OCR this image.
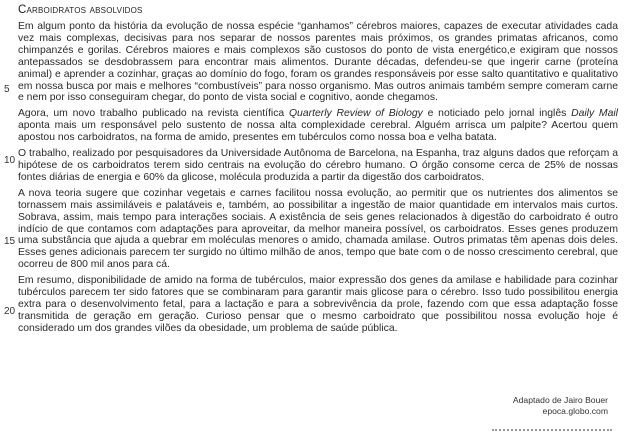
Carboidratos absolvidos
5
10
15
20

Em algum ponto da história da evolução de nossa espécie “ganhamos” cérebros maiores, capazes de executar atividades cada vez mais complexas, decisivas para nos separar de nossos parentes mais próximos, os grandes primatas africanos, como chimpanzés e gorilas. Cérebros maiores e mais complexos são custosos do ponto de vista energético,e exigiram que nossos antepassados se desdobrassem para encontrar mais alimentos. Durante décadas, defendeu-se que ingerir carne (proteína animal) e aprender a cozinhar, graças ao domínio do fogo, foram os grandes responsáveis por esse salto quantitativo e qualitativo em nossa busca por mais e melhores “combustíveis” para nosso organismo. Mas outros animais também sempre comeram carne e nem por isso conseguiram chegar, do ponto de vista social e cognitivo, aonde chegamos.

Agora, um novo trabalho publicado na revista científica Quarterly Review of Biology e noticiado pelo jornal inglês Daily Mail aponta mais um responsável pelo sustento de nossa alta complexidade cerebral. Alguém arrisca um palpite? Acertou quem apostou nos carboidratos, na forma de amido, presentes em tubérculos como nossa boa e velha batata.

O trabalho, realizado por pesquisadores da Universidade Autônoma de Barcelona, na Espanha, traz alguns dados que reforçam a hipótese de os carboidratos terem sido centrais na evolução do cérebro humano. O órgão consome cerca de 25% de nossas fontes diárias de energia e 60% da glicose, molécula produzida a partir da digestão dos carboidratos.

A nova teoria sugere que cozinhar vegetais e carnes facilitou nossa evolução, ao permitir que os nutrientes dos alimentos se tornassem mais assimiláveis e palatáveis e, também, ao possibilitar a ingestão de maior quantidade em intervalos mais curtos. Sobrava, assim, mais tempo para interações sociais. A existência de seis genes relacionados à digestão do carboidrato é outro indício de que contamos com adaptações para aproveitar, da melhor maneira possível, os carboidratos. Esses genes produzem uma substância que ajuda a quebrar em moléculas menores o amido, chamada amilase. Outros primatas têm apenas dois deles. Esses genes adicionais parecem ter surgido no último milhão de anos, tempo que bate com o de nosso crescimento cerebral, que ocorreu de 800 mil anos para cá.

Em resumo, disponibilidade de amido na forma de tubérculos, maior expressão dos genes da amilase e habilidade para cozinhar tubérculos parecem ter sido fatores que se combinaram para garantir mais glicose para o cérebro. Isso tudo possibilitou energia extra para o desenvolvimento fetal, para a lactação e para a sobrevivência da prole, fazendo com que essa adaptação fosse transmitida de geração em geração. Curioso pensar que o mesmo carboidrato que possibilitou nossa evolução hoje é considerado um dos grandes vilões da obesidade, um problema de saúde pública.

Adaptado de Jairo Bouer
epoca.globo.com
